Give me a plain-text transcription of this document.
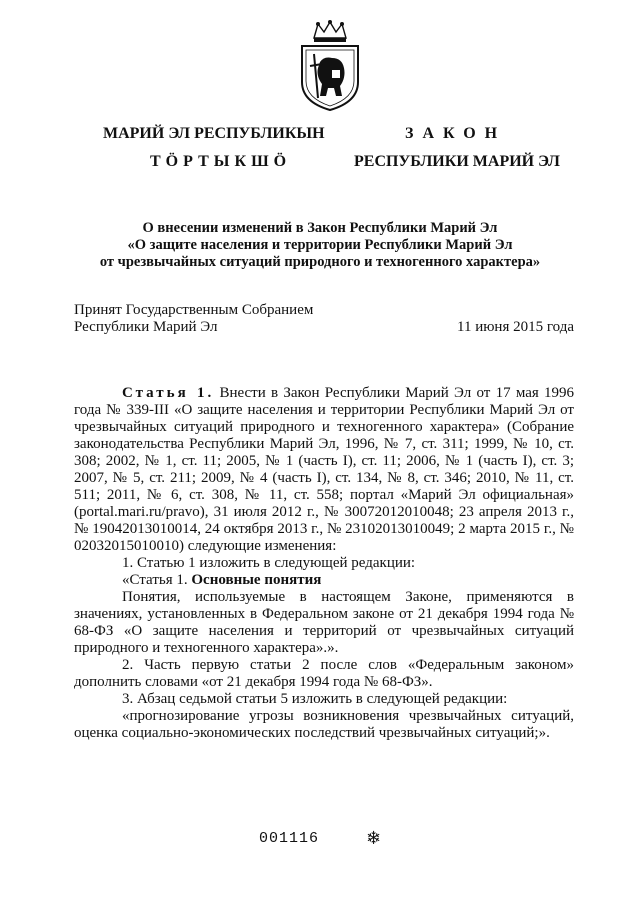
МАРИЙ ЭЛ РЕСПУБЛИКЫН
ТӦРТЫКШӦ
ЗАКОН
РЕСПУБЛИКИ МАРИЙ ЭЛ
О внесении изменений в Закон Республики Марий Эл
«О защите населения и территории Республики Марий Эл
от чрезвычайных ситуаций природного и техногенного характера»
Принят Государственным Собранием
Республики Марий Эл	11 июня 2015 года

Статья 1. Внести в Закон Республики Марий Эл от 17 мая 1996 года № 339-III «О защите населения и территории Республики Марий Эл от чрезвычайных ситуаций природного и техногенного характера» (Собрание законодательства Республики Марий Эл, 1996, № 7, ст. 311; 1999, № 10, ст. 308; 2002, № 1, ст. 11; 2005, № 1 (часть I), ст. 11; 2006, № 1 (часть I), ст. 3; 2007, № 5, ст. 211; 2009, № 4 (часть I), ст. 134, № 8, ст. 346; 2010, № 11, ст. 511; 2011, № 6, ст. 308, № 11, ст. 558; портал «Марий Эл официальная» (portal.mari.ru/pravo), 31 июля 2012 г., № 30072012010048; 23 апреля 2013 г., № 19042013010014, 24 октября 2013 г., № 23102013010049; 2 марта 2015 г., № 02032015010010) следующие изменения:

1. Статью 1 изложить в следующей редакции:

«Статья 1. Основные понятия

Понятия, используемые в настоящем Законе, применяются в значениях, установленных в Федеральном законе от 21 декабря 1994 года № 68-ФЗ «О защите населения и территорий от чрезвычайных ситуаций природного и техногенного характера».».

2. Часть первую статьи 2 после слов «Федеральным законом» дополнить словами «от 21 декабря 1994 года № 68-ФЗ».

3. Абзац седьмой статьи 5 изложить в следующей редакции:

«прогнозирование угрозы возникновения чрезвычайных ситуаций, оценка социально-экономических последствий чрезвычайных ситуаций;».

001116	❄
